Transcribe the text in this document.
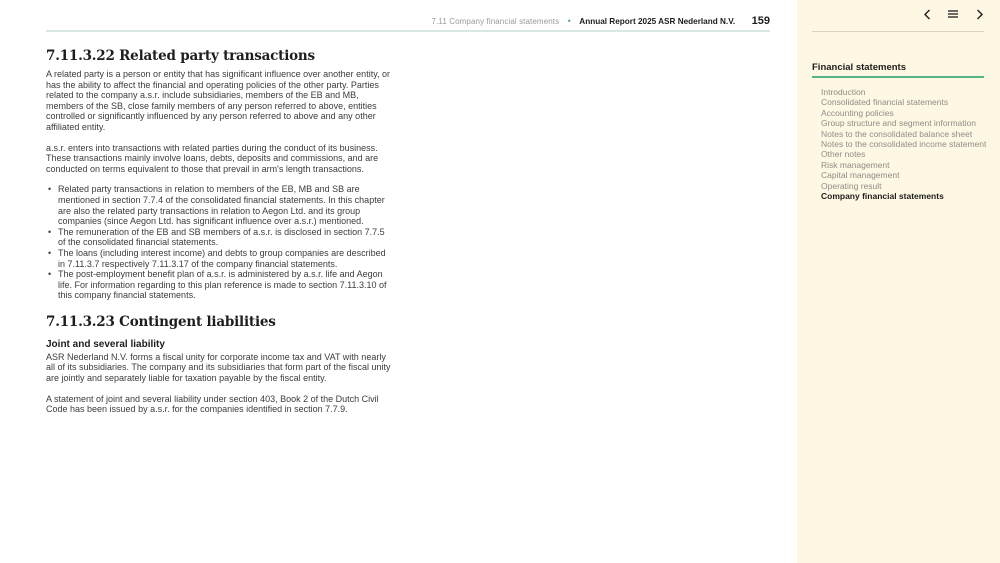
7.11 Company financial statements • Annual Report 2025 ASR Nederland N.V. 159
7.11.3.22 Related party transactions

A related party is a person or entity that has significant influence over another entity, or has the ability to affect the financial and operating policies of the other party. Parties related to the company a.s.r. include subsidiaries, members of the EB and MB, members of the SB, close family members of any person referred to above, entities controlled or significantly influenced by any person referred to above and any other affiliated entity.

a.s.r. enters into transactions with related parties during the conduct of its business. These transactions mainly involve loans, debts, deposits and commissions, and are conducted on terms equivalent to those that prevail in arm's length transactions.

• Related party transactions in relation to members of the EB, MB and SB are mentioned in section 7.7.4 of the consolidated financial statements. In this chapter are also the related party transactions in relation to Aegon Ltd. and its group companies (since Aegon Ltd. has significant influence over a.s.r.) mentioned.
• The remuneration of the EB and SB members of a.s.r. is disclosed in section 7.7.5 of the consolidated financial statements.
• The loans (including interest income) and debts to group companies are described in 7.11.3.7 respectively 7.11.3.17 of the company financial statements.
• The post-employment benefit plan of a.s.r. is administered by a.s.r. life and Aegon life. For information regarding to this plan reference is made to section 7.11.3.10 of this company financial statements.
7.11.3.23 Contingent liabilities
Joint and several liability

ASR Nederland N.V. forms a fiscal unity for corporate income tax and VAT with nearly all of its subsidiaries. The company and its subsidiaries that form part of the fiscal unity are jointly and separately liable for taxation payable by the fiscal entity.

A statement of joint and several liability under section 403, Book 2 of the Dutch Civil Code has been issued by a.s.r. for the companies identified in section 7.7.9.

Financial statements
Introduction
Consolidated financial statements
Accounting policies
Group structure and segment information
Notes to the consolidated balance sheet
Notes to the consolidated income statement
Other notes
Risk management
Capital management
Operating result
Company financial statements
